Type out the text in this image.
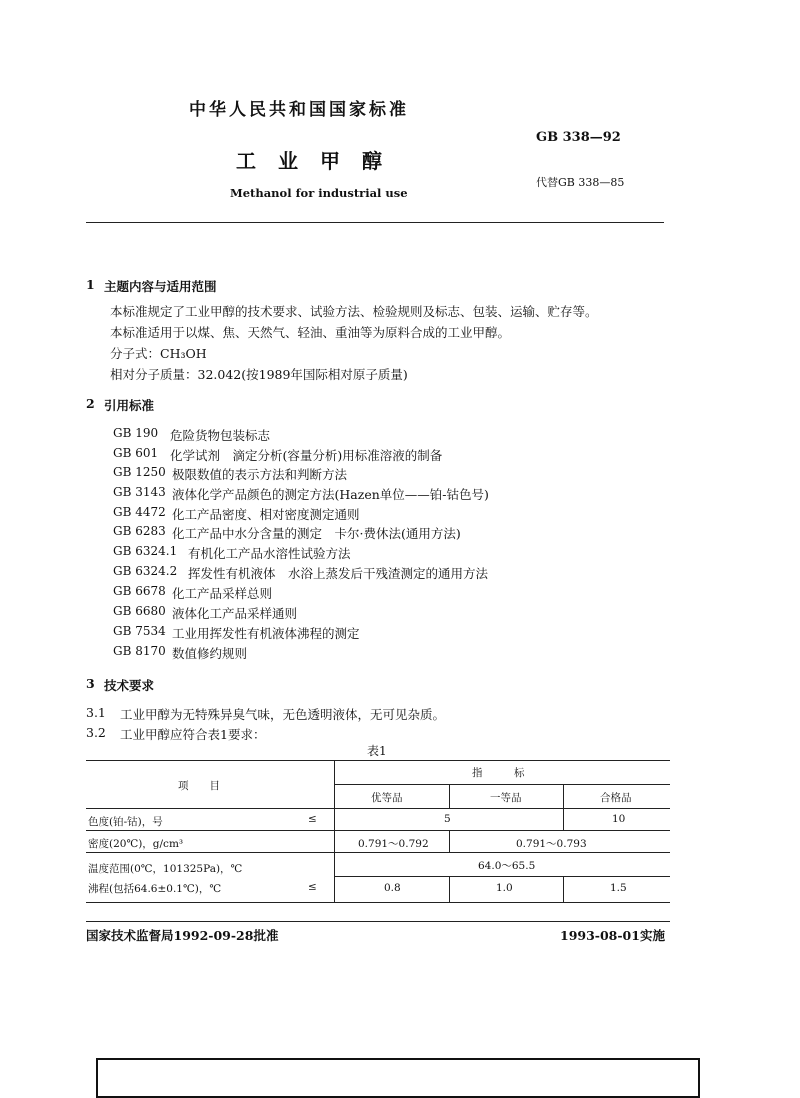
中华人民共和国国家标准
GB 338—92
工业甲醇
Methanol for industrial use
代替GB 338—85
1 主题内容与适用范围
本标准规定了工业甲醇的技术要求、试验方法、检验规则及标志、包装、运输、贮存等。
本标准适用于以煤、焦、天然气、轻油、重油等为原料合成的工业甲醇。
分子式：CH₃OH
相对分子质量：32.042(按1989年国际相对原子质量)
2 引用标准
GB 190 危险货物包装标志
GB 601 化学试剂　滴定分析(容量分析)用标准溶液的制备
GB 1250 极限数值的表示方法和判断方法
GB 3143 液体化学产品颜色的测定方法(Hazen单位——铂-钴色号)
GB 4472 化工产品密度、相对密度测定通则
GB 6283 化工产品中水分含量的测定　卡尔·费休法(通用方法)
GB 6324.1 有机化工产品水溶性试验方法
GB 6324.2 挥发性有机液体　水浴上蒸发后干残渣测定的通用方法
GB 6678 化工产品采样总则
GB 6680 液体化工产品采样通则
GB 7534 工业用挥发性有机液体沸程的测定
GB 8170 数值修约规则
3 技术要求
3.1 工业甲醇为无特殊异臭气味，无色透明液体，无可见杂质。
3.2 工业甲醇应符合表1要求：
表1
项　　目
指　　　标
优等品	一等品	合格品
色度(铂-钴)，号	≤	5	10
密度(20℃)，g/cm³	0.791～0.792	0.791～0.793
温度范围(0℃，101325Pa)，℃	64.0～65.5
沸程(包括64.6±0.1℃)，℃	≤	0.8	1.0	1.5
国家技术监督局1992-09-28批准	1993-08-01实施
